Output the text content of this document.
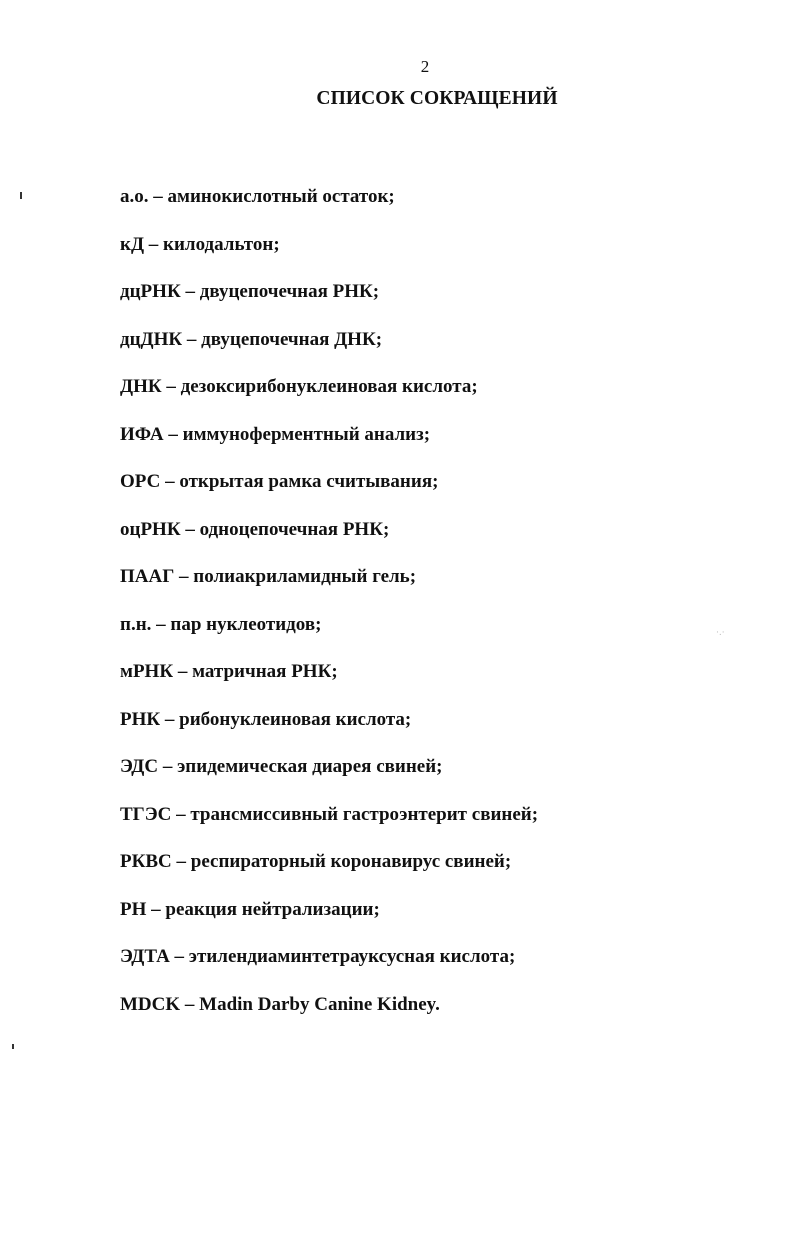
2
СПИСОК СОКРАЩЕНИЙ
а.о. – аминокислотный остаток;
кД – килодальтон;
дцРНК – двуцепочечная РНК;
дцДНК – двуцепочечная ДНК;
ДНК – дезоксирибонуклеиновая кислота;
ИФА – иммуноферментный анализ;
ОРС – открытая рамка считывания;
оцРНК – одноцепочечная РНК;
ПААГ – полиакриламидный гель;
п.н. – пар нуклеотидов;
мРНК – матричная РНК;
РНК – рибонуклеиновая кислота;
ЭДС – эпидемическая диарея свиней;
ТГЭС – трансмиссивный гастроэнтерит свиней;
РКВС – респираторный коронавирус свиней;
РН – реакция нейтрализации;
ЭДТА – этилендиаминтетрауксусная кислота;
MDCK – Madin Darby Canine Kidney.
·.·
